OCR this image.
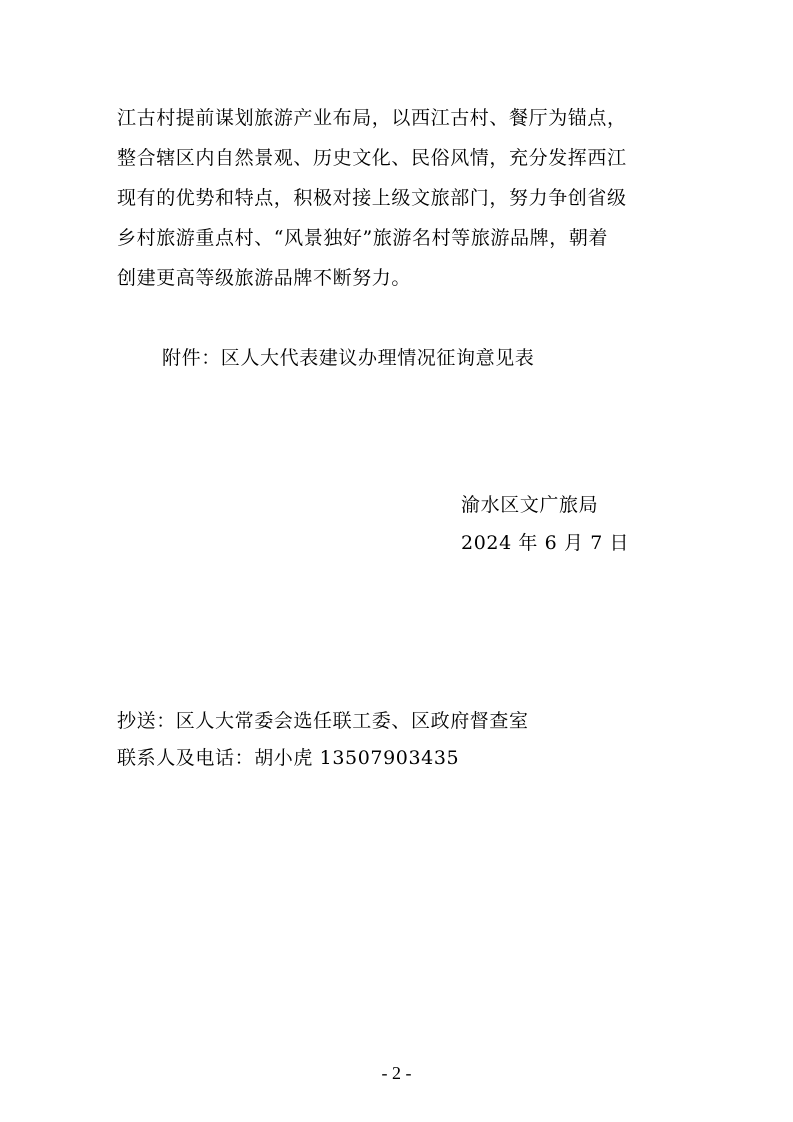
江古村提前谋划旅游产业布局，以西江古村、餐厅为锚点，
整合辖区内自然景观、历史文化、民俗风情，充分发挥西江
现有的优势和特点，积极对接上级文旅部门，努力争创省级
乡村旅游重点村、“风景独好”旅游名村等旅游品牌，朝着
创建更高等级旅游品牌不断努力。
附件：区人大代表建议办理情况征询意见表
渝水区文广旅局
2024 年 6 月 7 日
抄送：区人大常委会选任联工委、区政府督查室
联系人及电话：胡小虎 13507903435
- 2 -
